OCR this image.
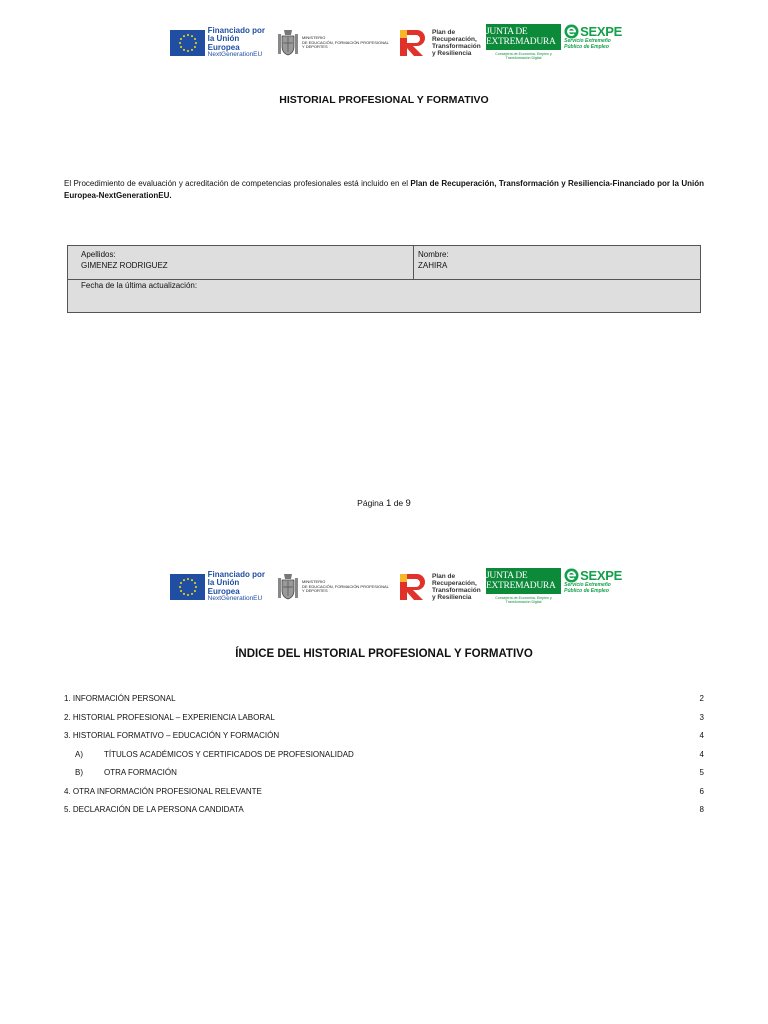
Financiado por
la Unión Europea
NextGenerationEU
MINISTERIO
DE EDUCACIÓN, FORMACIÓN PROFESIONAL
Y DEPORTES
Plan de
Recuperación,
Transformación
y Resiliencia
JUNTA DE EXTREMADURA
Consejería de Economía, Empleo y Transformación Digital
SEXPE
Servicio Extremeño
Público de Empleo
HISTORIAL PROFESIONAL Y FORMATIVO

El Procedimiento de evaluación y acreditación de competencias profesionales está incluido en el Plan de Recuperación, Transformación y Resiliencia-Financiado por la Unión Europea-NextGenerationEU.

Apellidos:
GIMENEZ RODRIGUEZ
Nombre:
ZAHIRA
Fecha de la última actualización:
Página 1 de 9
Financiado por
la Unión Europea
NextGenerationEU
MINISTERIO
DE EDUCACIÓN, FORMACIÓN PROFESIONAL
Y DEPORTES
Plan de
Recuperación,
Transformación
y Resiliencia
JUNTA DE EXTREMADURA
Consejería de Economía, Empleo y Transformación Digital
SEXPE
Servicio Extremeño
Público de Empleo
ÍNDICE DEL HISTORIAL PROFESIONAL Y FORMATIVO
1. INFORMACIÓN PERSONAL	2
2. HISTORIAL PROFESIONAL – EXPERIENCIA LABORAL	3
3. HISTORIAL FORMATIVO – EDUCACIÓN Y FORMACIÓN	4
A)	TÍTULOS ACADÉMICOS Y CERTIFICADOS DE PROFESIONALIDAD	4
B)	OTRA FORMACIÓN	5
4. OTRA INFORMACIÓN PROFESIONAL RELEVANTE	6
5. DECLARACIÓN DE LA PERSONA CANDIDATA	8
